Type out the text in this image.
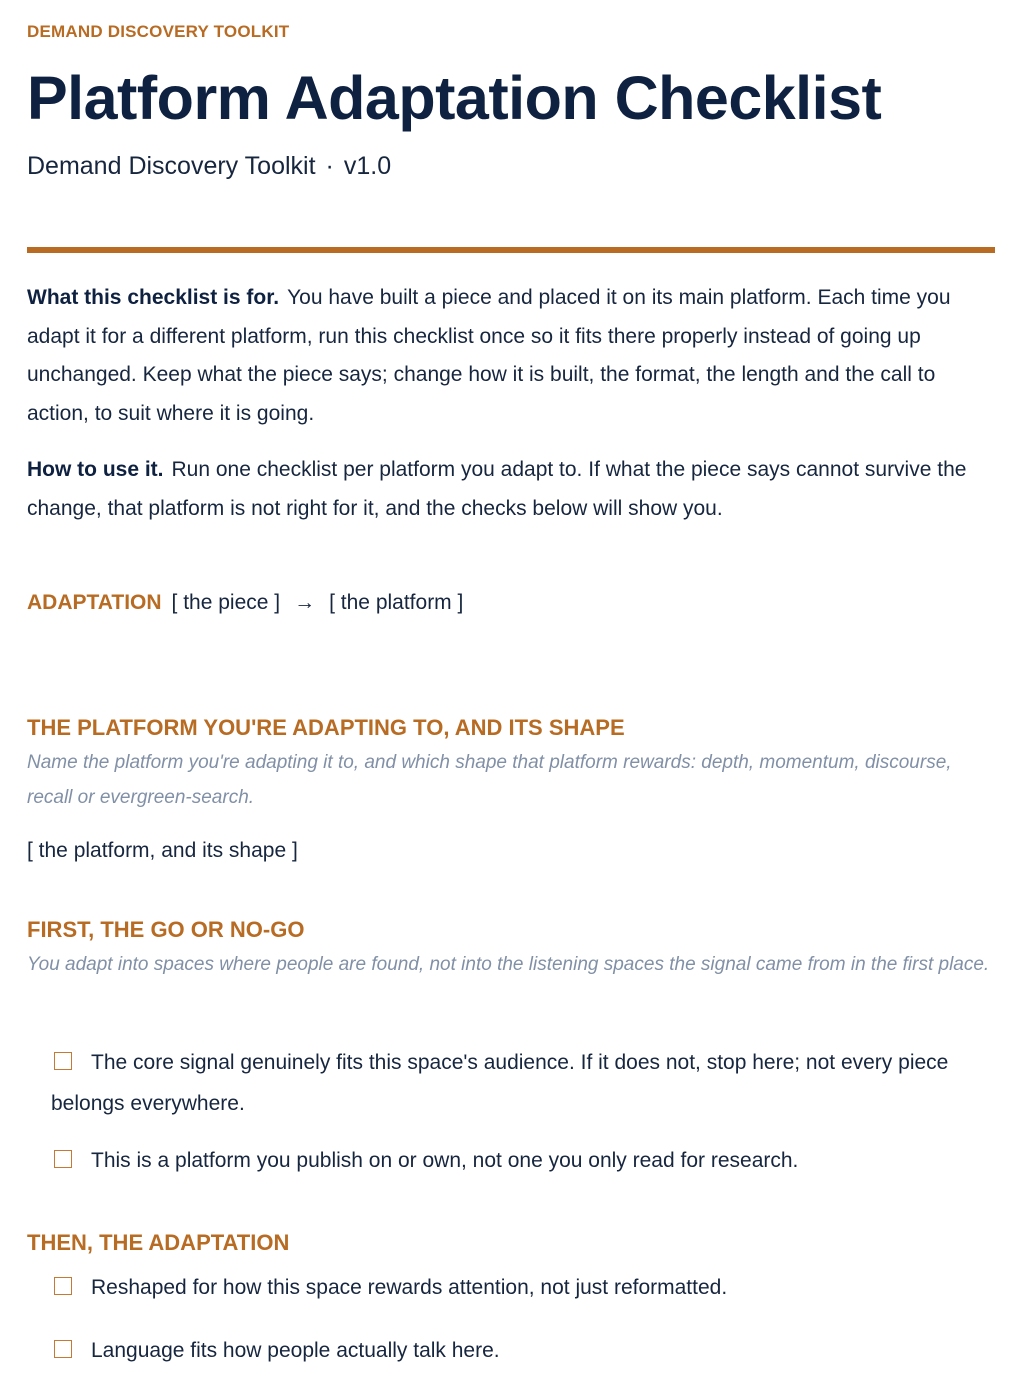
DEMAND DISCOVERY TOOLKIT
Platform Adaptation Checklist
Demand Discovery Toolkit · v1.0

What this checklist is for. You have built a piece and placed it on its main platform. Each time you adapt it for a different platform, run this checklist once so it fits there properly instead of going up unchanged. Keep what the piece says; change how it is built, the format, the length and the call to action, to suit where it is going.

How to use it. Run one checklist per platform you adapt to. If what the piece says cannot survive the change, that platform is not right for it, and the checks below will show you.

ADAPTATION [ the piece ] → [ the platform ]
THE PLATFORM YOU'RE ADAPTING TO, AND ITS SHAPE

Name the platform you're adapting it to, and which shape that platform rewards: depth, momentum, discourse, recall or evergreen-search.

[ the platform, and its shape ]
FIRST, THE GO OR NO-GO

You adapt into spaces where people are found, not into the listening spaces the signal came from in the first place.

The core signal genuinely fits this space's audience. If it does not, stop here; not every piece belongs everywhere.
This is a platform you publish on or own, not one you only read for research.
THEN, THE ADAPTATION
Reshaped for how this space rewards attention, not just reformatted.
Language fits how people actually talk here.
